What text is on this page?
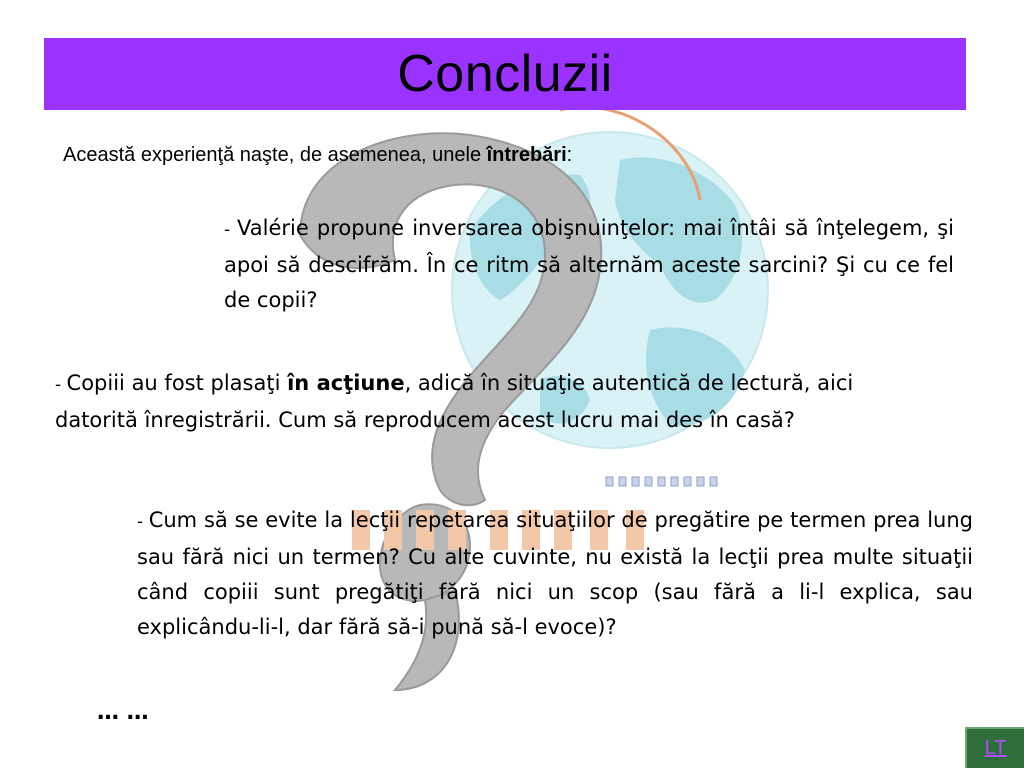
Concluzii
Această experienţă naşte, de asemenea, unele întrebări:
- Valérie propune inversarea obişnuinţelor: mai întâi să înţelegem, şi apoi să descifrăm. În ce ritm să alternăm aceste sarcini? Şi cu ce fel de copii?
- Copiii au fost plasaţi în acţiune, adică în situaţie autentică de lectură, aici datorită înregistrării. Cum să reproducem acest lucru mai des în casă?
- Cum să se evite la lecţii repetarea situaţiilor de pregătire pe termen prea lung sau fără nici un termen? Cu alte cuvinte, nu există la lecţii prea multe situaţii când copiii sunt pregătiţi fără nici un scop (sau fără a li-l explica, sau explicându-li-l, dar fără să-i pună să-l evoce)?
… …
LT
